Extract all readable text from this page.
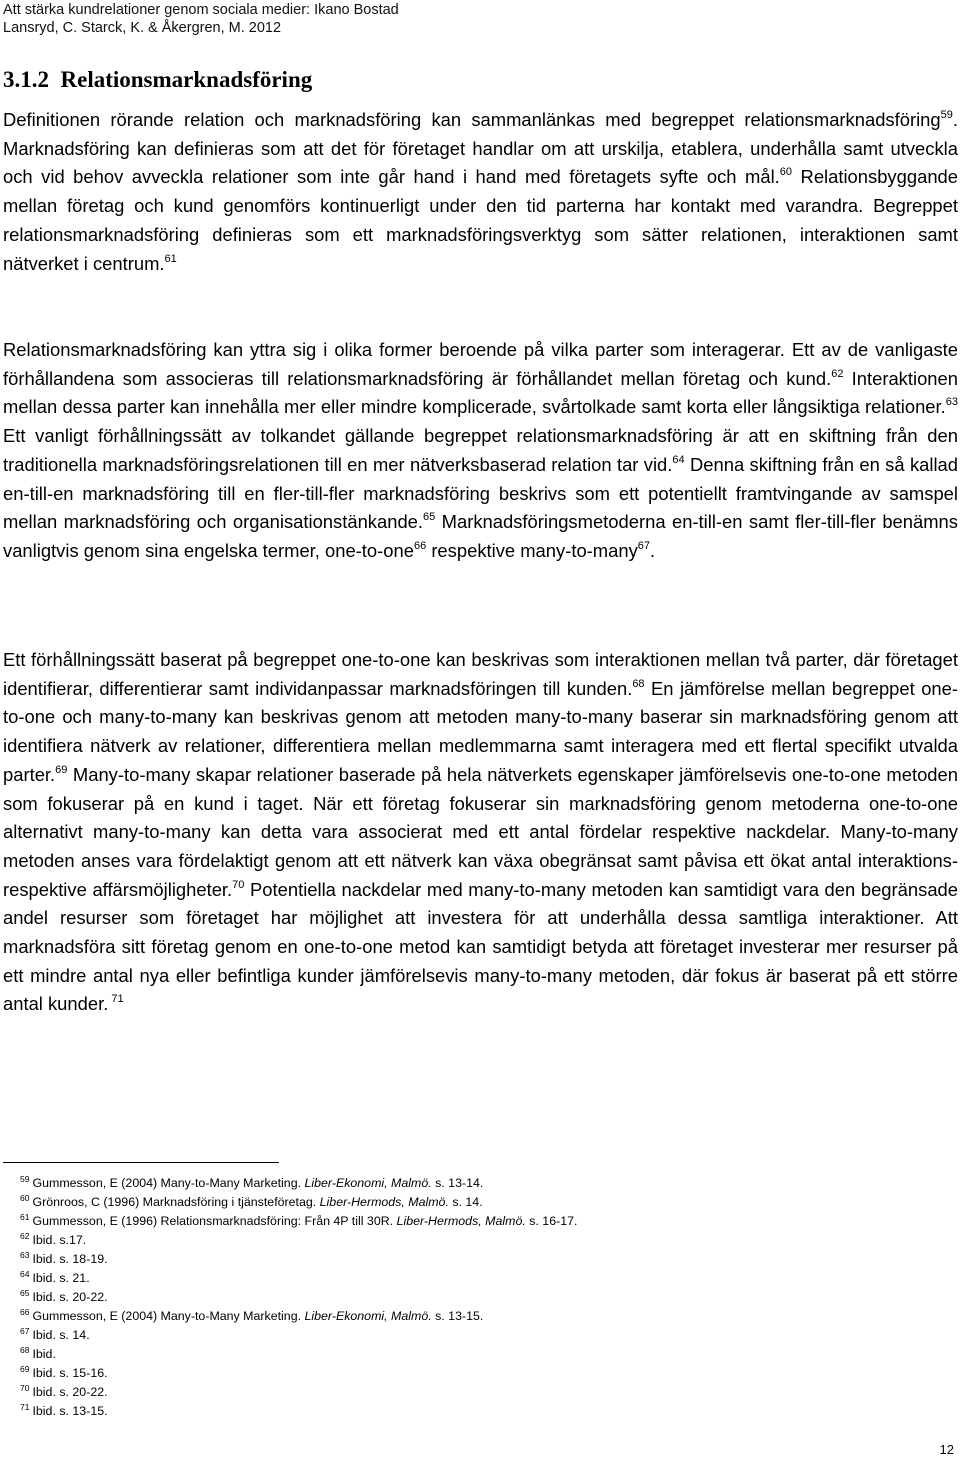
Att stärka kundrelationer genom sociala medier: Ikano Bostad
Lansryd, C. Starck, K. & Åkergren, M. 2012
3.1.2 Relationsmarknadsföring

Definitionen rörande relation och marknadsföring kan sammanlänkas med begreppet relationsmarknadsföring$^{59}$. Marknadsföring kan definieras som att det för företaget handlar om att urskilja, etablera, underhålla samt utveckla och vid behov avveckla relationer som inte går hand i hand med företagets syfte och mål.$^{60}$ Relationsbyggande mellan företag och kund genomförs kontinuerligt under den tid parterna har kontakt med varandra. Begreppet relationsmarknadsföring definieras som ett marknadsföringsverktyg som sätter relationen, interaktionen samt nätverket i centrum.$^{61}$

Relationsmarknadsföring kan yttra sig i olika former beroende på vilka parter som interagerar. Ett av de vanligaste förhållandena som associeras till relationsmarknadsföring är förhållandet mellan företag och kund.$^{62}$ Interaktionen mellan dessa parter kan innehålla mer eller mindre komplicerade, svårtolkade samt korta eller långsiktiga relationer.$^{63}$ Ett vanligt förhållningssätt av tolkandet gällande begreppet relationsmarknadsföring är att en skiftning från den traditionella marknadsföringsrelationen till en mer nätverksbaserad relation tar vid.$^{64}$ Denna skiftning från en så kallad en-till-en marknadsföring till en fler-till-fler marknadsföring beskrivs som ett potentiellt framtvingande av samspel mellan marknadsföring och organisationstänkande.$^{65}$ Marknadsföringsmetoderna en-till-en samt fler-till-fler benämns vanligtvis genom sina engelska termer, one-to-one$^{66}$ respektive many-to-many$^{67}$.

Ett förhållningssätt baserat på begreppet one-to-one kan beskrivas som interaktionen mellan två parter, där företaget identifierar, differentierar samt individanpassar marknadsföringen till kunden.$^{68}$ En jämförelse mellan begreppet one-to-one och many-to-many kan beskrivas genom att metoden many-to-many baserar sin marknadsföring genom att identifiera nätverk av relationer, differentiera mellan medlemmarna samt interagera med ett flertal specifikt utvalda parter.$^{69}$ Many-to-many skapar relationer baserade på hela nätverkets egenskaper jämförelsevis one-to-one metoden som fokuserar på en kund i taget. När ett företag fokuserar sin marknadsföring genom metoderna one-to-one alternativt many-to-many kan detta vara associerat med ett antal fördelar respektive nackdelar. Many-to-many metoden anses vara fördelaktigt genom att ett nätverk kan växa obegränsat samt påvisa ett ökat antal interaktions- respektive affärsmöjligheter.$^{70}$ Potentiella nackdelar med many-to-many metoden kan samtidigt vara den begränsade andel resurser som företaget har möjlighet att investera för att underhålla dessa samtliga interaktioner. Att marknadsföra sitt företag genom en one-to-one metod kan samtidigt betyda att företaget investerar mer resurser på ett mindre antal nya eller befintliga kunder jämförelsevis many-to-many metoden, där fokus är baserat på ett större antal kunder. $^{71}$

$^{59}$ Gummesson, E (2004) Many-to-Many Marketing. Liber-Ekonomi, Malmö. s. 13-14.
$^{60}$ Grönroos, C (1996) Marknadsföring i tjänsteföretag. Liber-Hermods, Malmö. s. 14.
$^{61}$ Gummesson, E (1996) Relationsmarknadsföring: Från 4P till 30R. Liber-Hermods, Malmö. s. 16-17.
$^{62}$ Ibid. s.17.
$^{63}$ Ibid. s. 18-19.
$^{64}$ Ibid. s. 21.
$^{65}$ Ibid. s. 20-22.
$^{66}$ Gummesson, E (2004) Many-to-Many Marketing. Liber-Ekonomi, Malmö. s. 13-15.
$^{67}$ Ibid. s. 14.
$^{68}$ Ibid.
$^{69}$ Ibid. s. 15-16.
$^{70}$ Ibid. s. 20-22.
$^{71}$ Ibid. s. 13-15.
12
